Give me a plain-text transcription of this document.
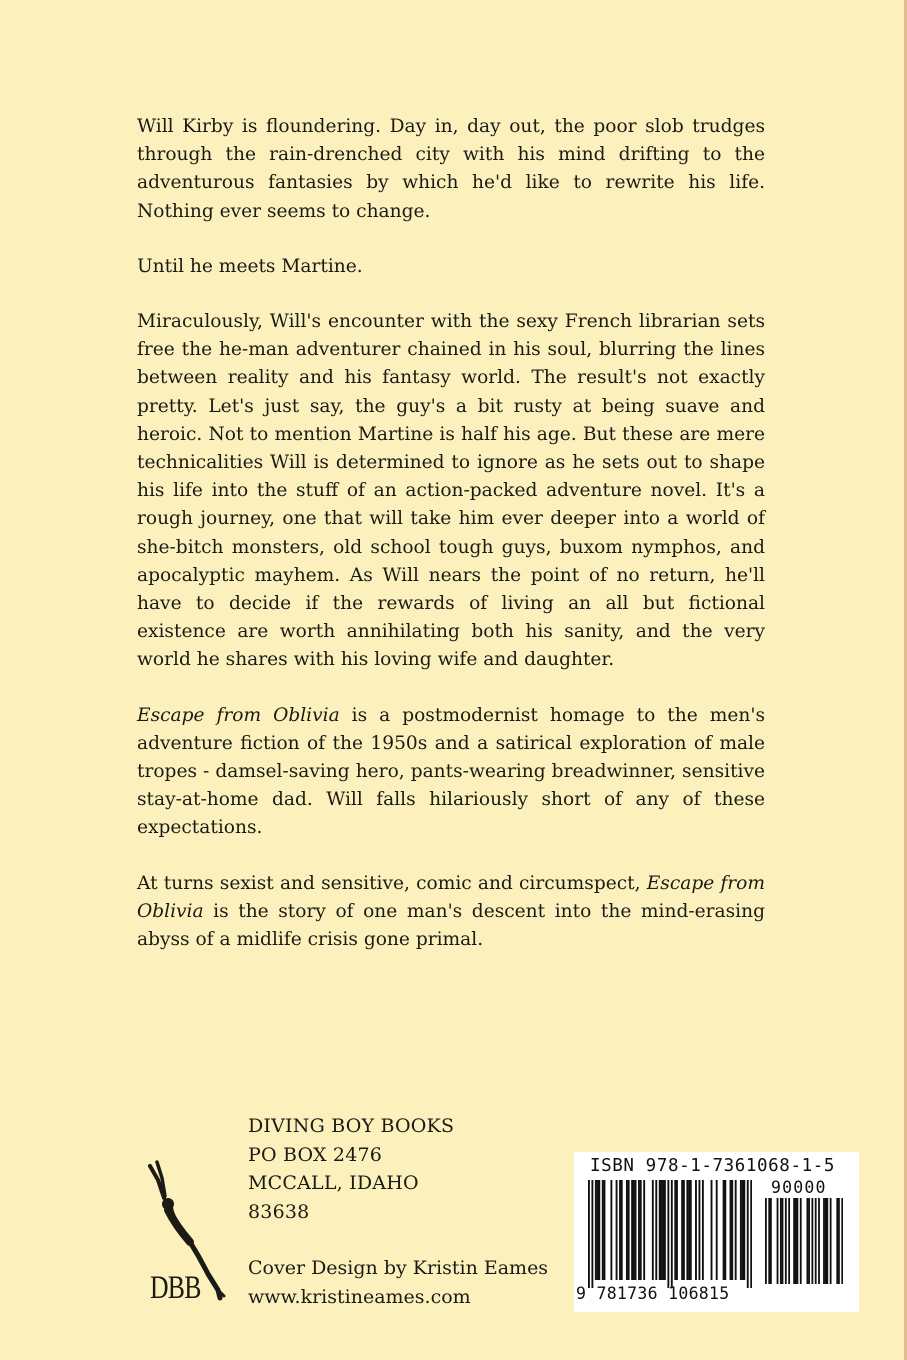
Will Kirby is floundering. Day in, day out, the poor slob trudges through the rain-drenched city with his mind drifting to the adventurous fantasies by which he'd like to rewrite his life. Nothing ever seems to change.

Until he meets Martine.

Miraculously, Will's encounter with the sexy French librarian sets free the he-man adventurer chained in his soul, blurring the lines between reality and his fantasy world. The result's not exactly pretty. Let's just say, the guy's a bit rusty at being suave and heroic. Not to mention Martine is half his age. But these are mere technicalities Will is determined to ignore as he sets out to shape his life into the stuff of an action-packed adventure novel. It's a rough journey, one that will take him ever deeper into a world of she-bitch monsters, old school tough guys, buxom nymphos, and apocalyptic mayhem. As Will nears the point of no return, he'll have to decide if the rewards of living an all but fictional existence are worth annihilating both his sanity, and the very world he shares with his loving wife and daughter.

Escape from Oblivia is a postmodernist homage to the men's adventure fiction of the 1950s and a satirical exploration of male tropes - damsel-saving hero, pants-wearing breadwinner, sensitive stay-at-home dad. Will falls hilariously short of any of these expectations.

At turns sexist and sensitive, comic and circumspect, Escape from Oblivia is the story of one man's descent into the mind-erasing abyss of a midlife crisis gone primal.

DBB
DIVING BOY BOOKS
PO BOX 2476
MCCALL, IDAHO
83638
Cover Design by Kristin Eames
www.kristineames.com
ISBN 978-1-7361068-1-5
90000
9 781736 106815
